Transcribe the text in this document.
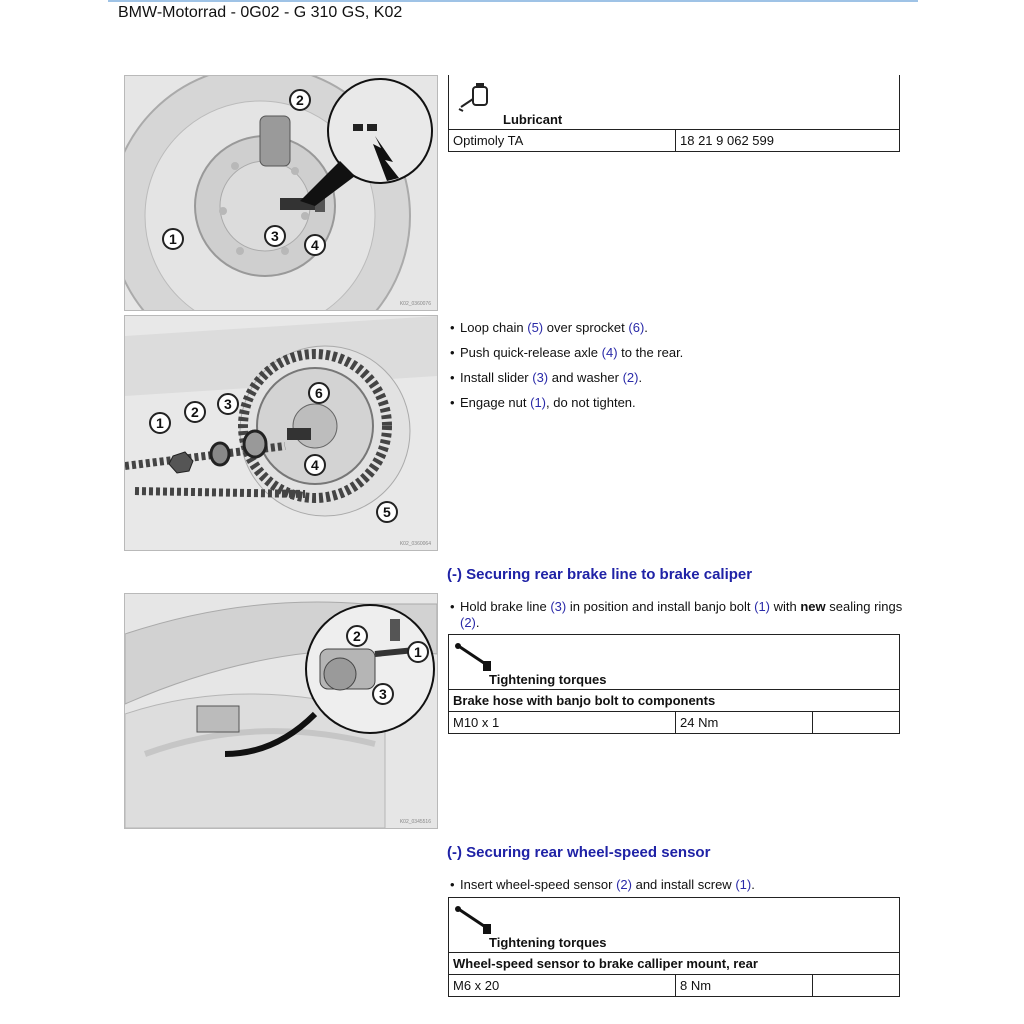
BMW-Motorrad - 0G02 - G 310 GS, K02
2
1	3
4
K02_0360076
1
2 3
6
4
5
K02_0360064
2
1
3
K02_0345516
Lubricant
Optimoly TA	18 21 9 062 599
• Loop chain (5) over sprocket (6).
• Push quick-release axle (4) to the rear.
• Install slider (3) and washer (2).
• Engage nut (1), do not tighten.
(-) Securing rear brake line to brake caliper
• Hold brake line (3) in position and install banjo bolt (1) with new sealing rings (2).
Tightening torques
Brake hose with banjo bolt to components
M10 x 1	24 Nm	
(-) Securing rear wheel-speed sensor
• Insert wheel-speed sensor (2) and install screw (1).
Tightening torques
Wheel-speed sensor to brake calliper mount, rear
M6 x 20	8 Nm	
